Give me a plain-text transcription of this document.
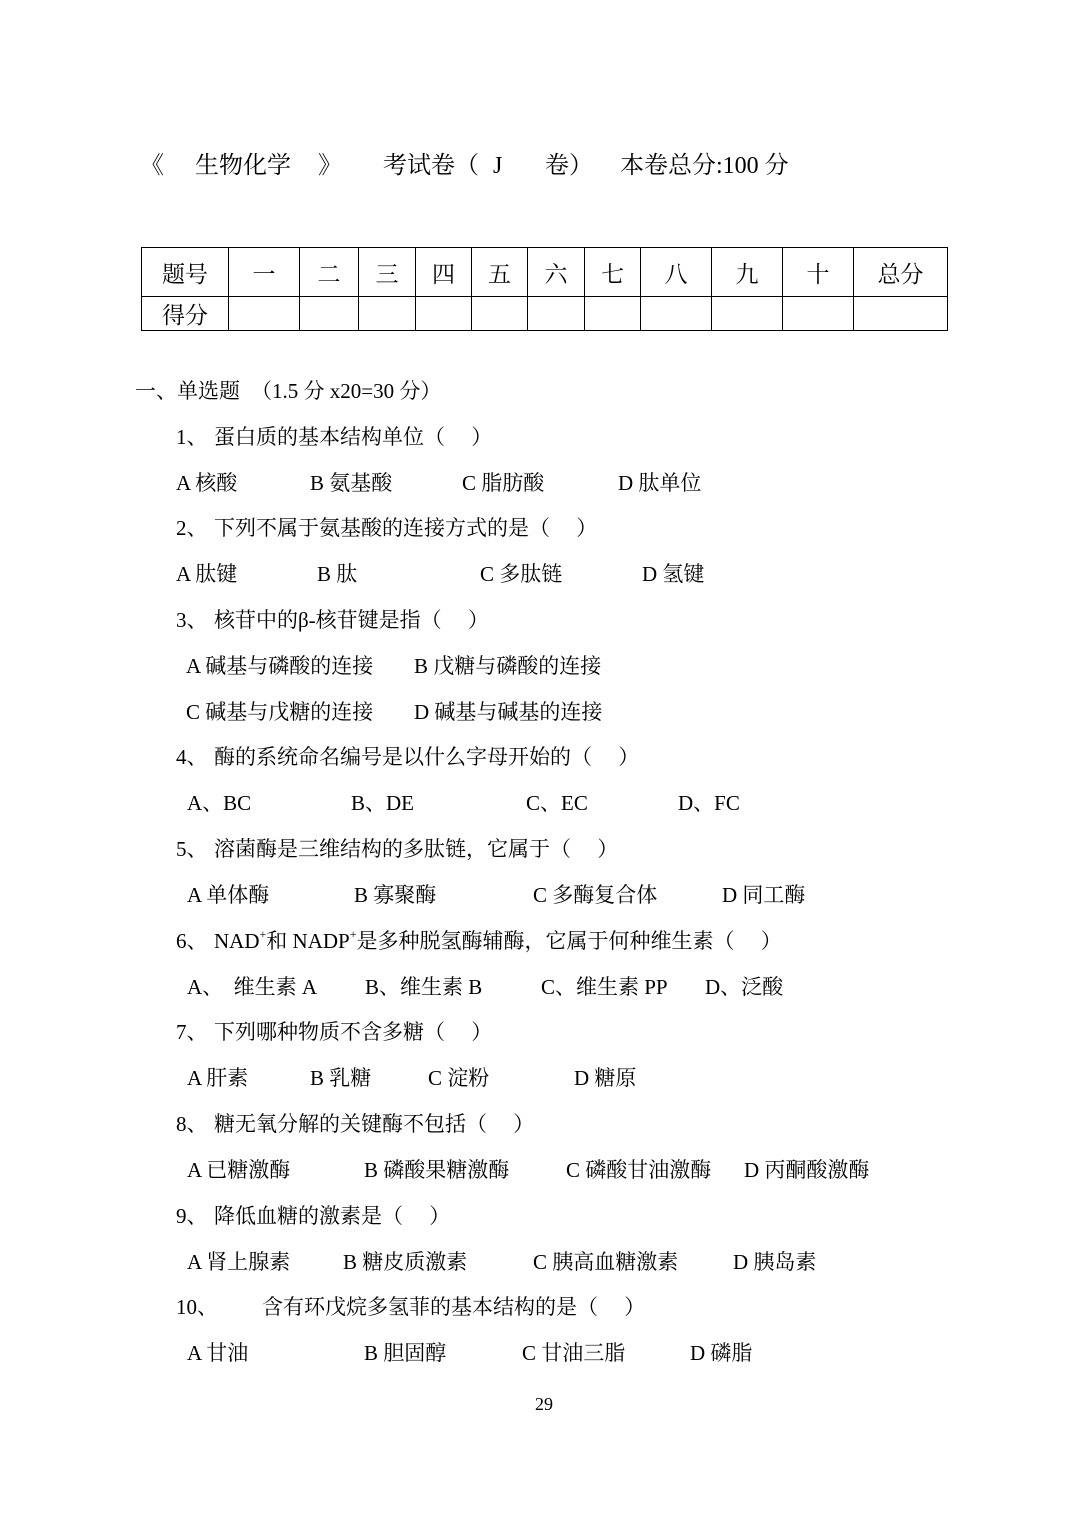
《 生物化学 》 考试卷（ J 卷） 本卷总分:100 分
题号	一	二	三	四	五	六	七	八	九	十	总分
得分											
一、单选题 （1.5 分 x20=30 分）
1、 蛋白质的基本结构单位（     ）
A 核酸	B 氨基酸	C 脂肪酸	D 肽单位
2、 下列不属于氨基酸的连接方式的是（     ）
A 肽键	B 肽	C 多肽链	D 氢键
3、 核苷中的β-核苷键是指（     ）
A 碱基与磷酸的连接 B 戊糖与磷酸的连接
C 碱基与戊糖的连接 D 碱基与碱基的连接
4、 酶的系统命名编号是以什么字母开始的（     ）
A、BC	B、DE	C、EC	D、FC
5、 溶菌酶是三维结构的多肽链，它属于（     ）
A 单体酶	B 寡聚酶	C 多酶复合体	D 同工酶
6、 NAD+和 NADP+是多种脱氢酶辅酶，它属于何种维生素（     ）
A、  维生素 A B、维生素 B	C、维生素 PP D、泛酸
7、 下列哪种物质不含多糖（     ）
A 肝素	B 乳糖	C 淀粉	D 糖原
8、 糖无氧分解的关键酶不包括（     ）
A 已糖激酶	B 磷酸果糖激酶	C 磷酸甘油激酶 D 丙酮酸激酶
9、 降低血糖的激素是（     ）
A 肾上腺素	B 糖皮质激素	C 胰高血糖激素	D 胰岛素
10、 含有环戊烷多氢菲的基本结构的是（     ）
A 甘油	B 胆固醇	C 甘油三脂	D 磷脂
29
